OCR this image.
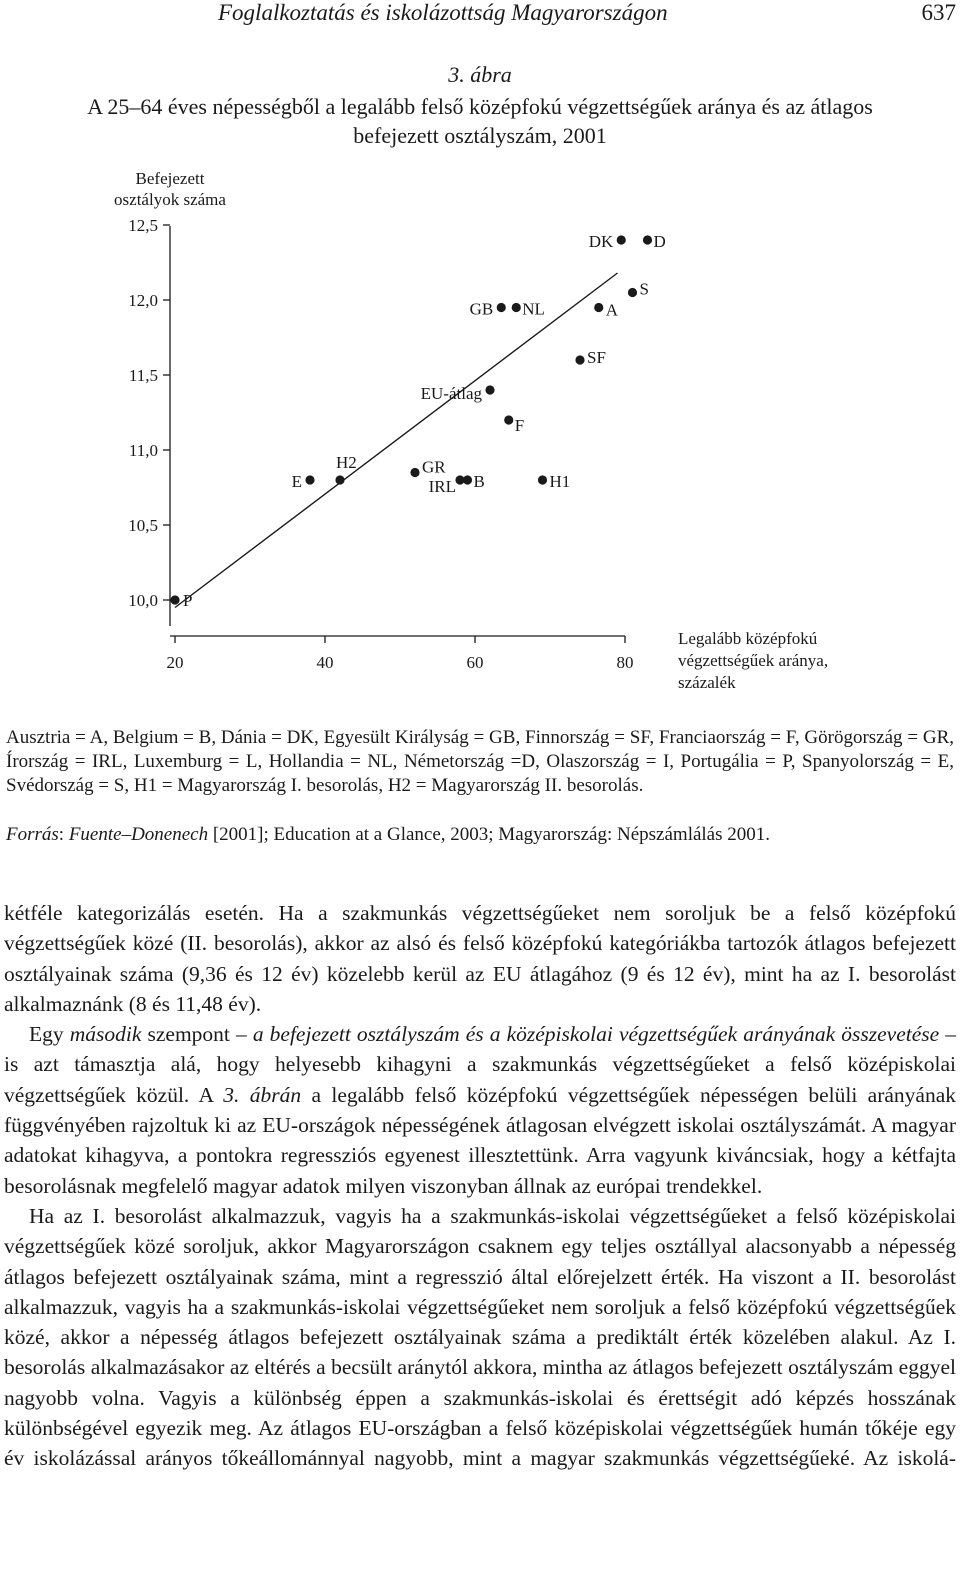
Foglalkoztatás és iskolázottság Magyarországon	637
3. ábra
A 25–64 éves népességből a legalább felső középfokú végzettségűek aránya és az átlagos
befejezett osztályszám, 2001
Befejezett
osztályok száma
10,0
10,5
11,0
11,5
12,0
12,5
20	40	60	80
P
E
H2	GR
IRL B
EU-átlag
F
H1
SF
GB NL	A
S
DK D
Legalább középfokú
végzettségűek aránya,
százalék
Ausztria = A, Belgium = B, Dánia = DK, Egyesült Királyság = GB, Finnország = SF, Franciaország = F, Görögország = GR, Írország = IRL, Luxemburg = L, Hollandia = NL, Németország =D, Olaszország = I, Portugália = P, Spanyolország = E, Svédország = S, H1 = Magyarország I. besorolás, H2 = Magyarország II. besorolás.
Forrás: Fuente–Donenech [2001]; Education at a Glance, 2003; Magyarország: Népszámlálás 2001.

kétféle kategorizálás esetén. Ha a szakmunkás végzettségűeket nem soroljuk be a felső középfokú végzettségűek közé (II. besorolás), akkor az alsó és felső középfokú kategóriákba tartozók átlagos befejezett osztályainak száma (9,36 és 12 év) közelebb kerül az EU átlagához (9 és 12 év), mint ha az I. besorolást alkalmaznánk (8 és 11,48 év).

Egy második szempont – a befejezett osztályszám és a középiskolai végzettségűek arányának összevetése – is azt támasztja alá, hogy helyesebb kihagyni a szakmunkás végzettségűeket a felső középiskolai végzettségűek közül. A 3. ábrán a legalább felső középfokú végzettségűek népességen belüli arányának függvényében rajzoltuk ki az EU-országok népességének átlagosan elvégzett iskolai osztályszámát. A magyar adatokat kihagyva, a pontokra regressziós egyenest illesztettünk. Arra vagyunk kiváncsiak, hogy a kétfajta besorolásnak megfelelő magyar adatok milyen viszonyban állnak az európai trendekkel.

Ha az I. besorolást alkalmazzuk, vagyis ha a szakmunkás-iskolai végzettségűeket a felső középiskolai végzettségűek közé soroljuk, akkor Magyarországon csaknem egy teljes osztállyal alacsonyabb a népesség átlagos befejezett osztályainak száma, mint a regresszió által előrejelzett érték. Ha viszont a II. besorolást alkalmazzuk, vagyis ha a szakmunkás-iskolai végzettségűeket nem soroljuk a felső középfokú végzettségűek közé, akkor a népesség átlagos befejezett osztályainak száma a prediktált érték közelében alakul. Az I. besorolás alkalmazásakor az eltérés a becsült aránytól akkora, mintha az átlagos befejezett osztályszám eggyel nagyobb volna. Vagyis a különbség éppen a szakmunkás-iskolai és érettségit adó képzés hosszának különbségével egyezik meg. Az átlagos EU-országban a felső középiskolai végzettségűek humán tőkéje egy év iskolázással arányos tőkeállománnyal nagyobb, mint a magyar szakmunkás végzettségűeké. Az iskolá-
